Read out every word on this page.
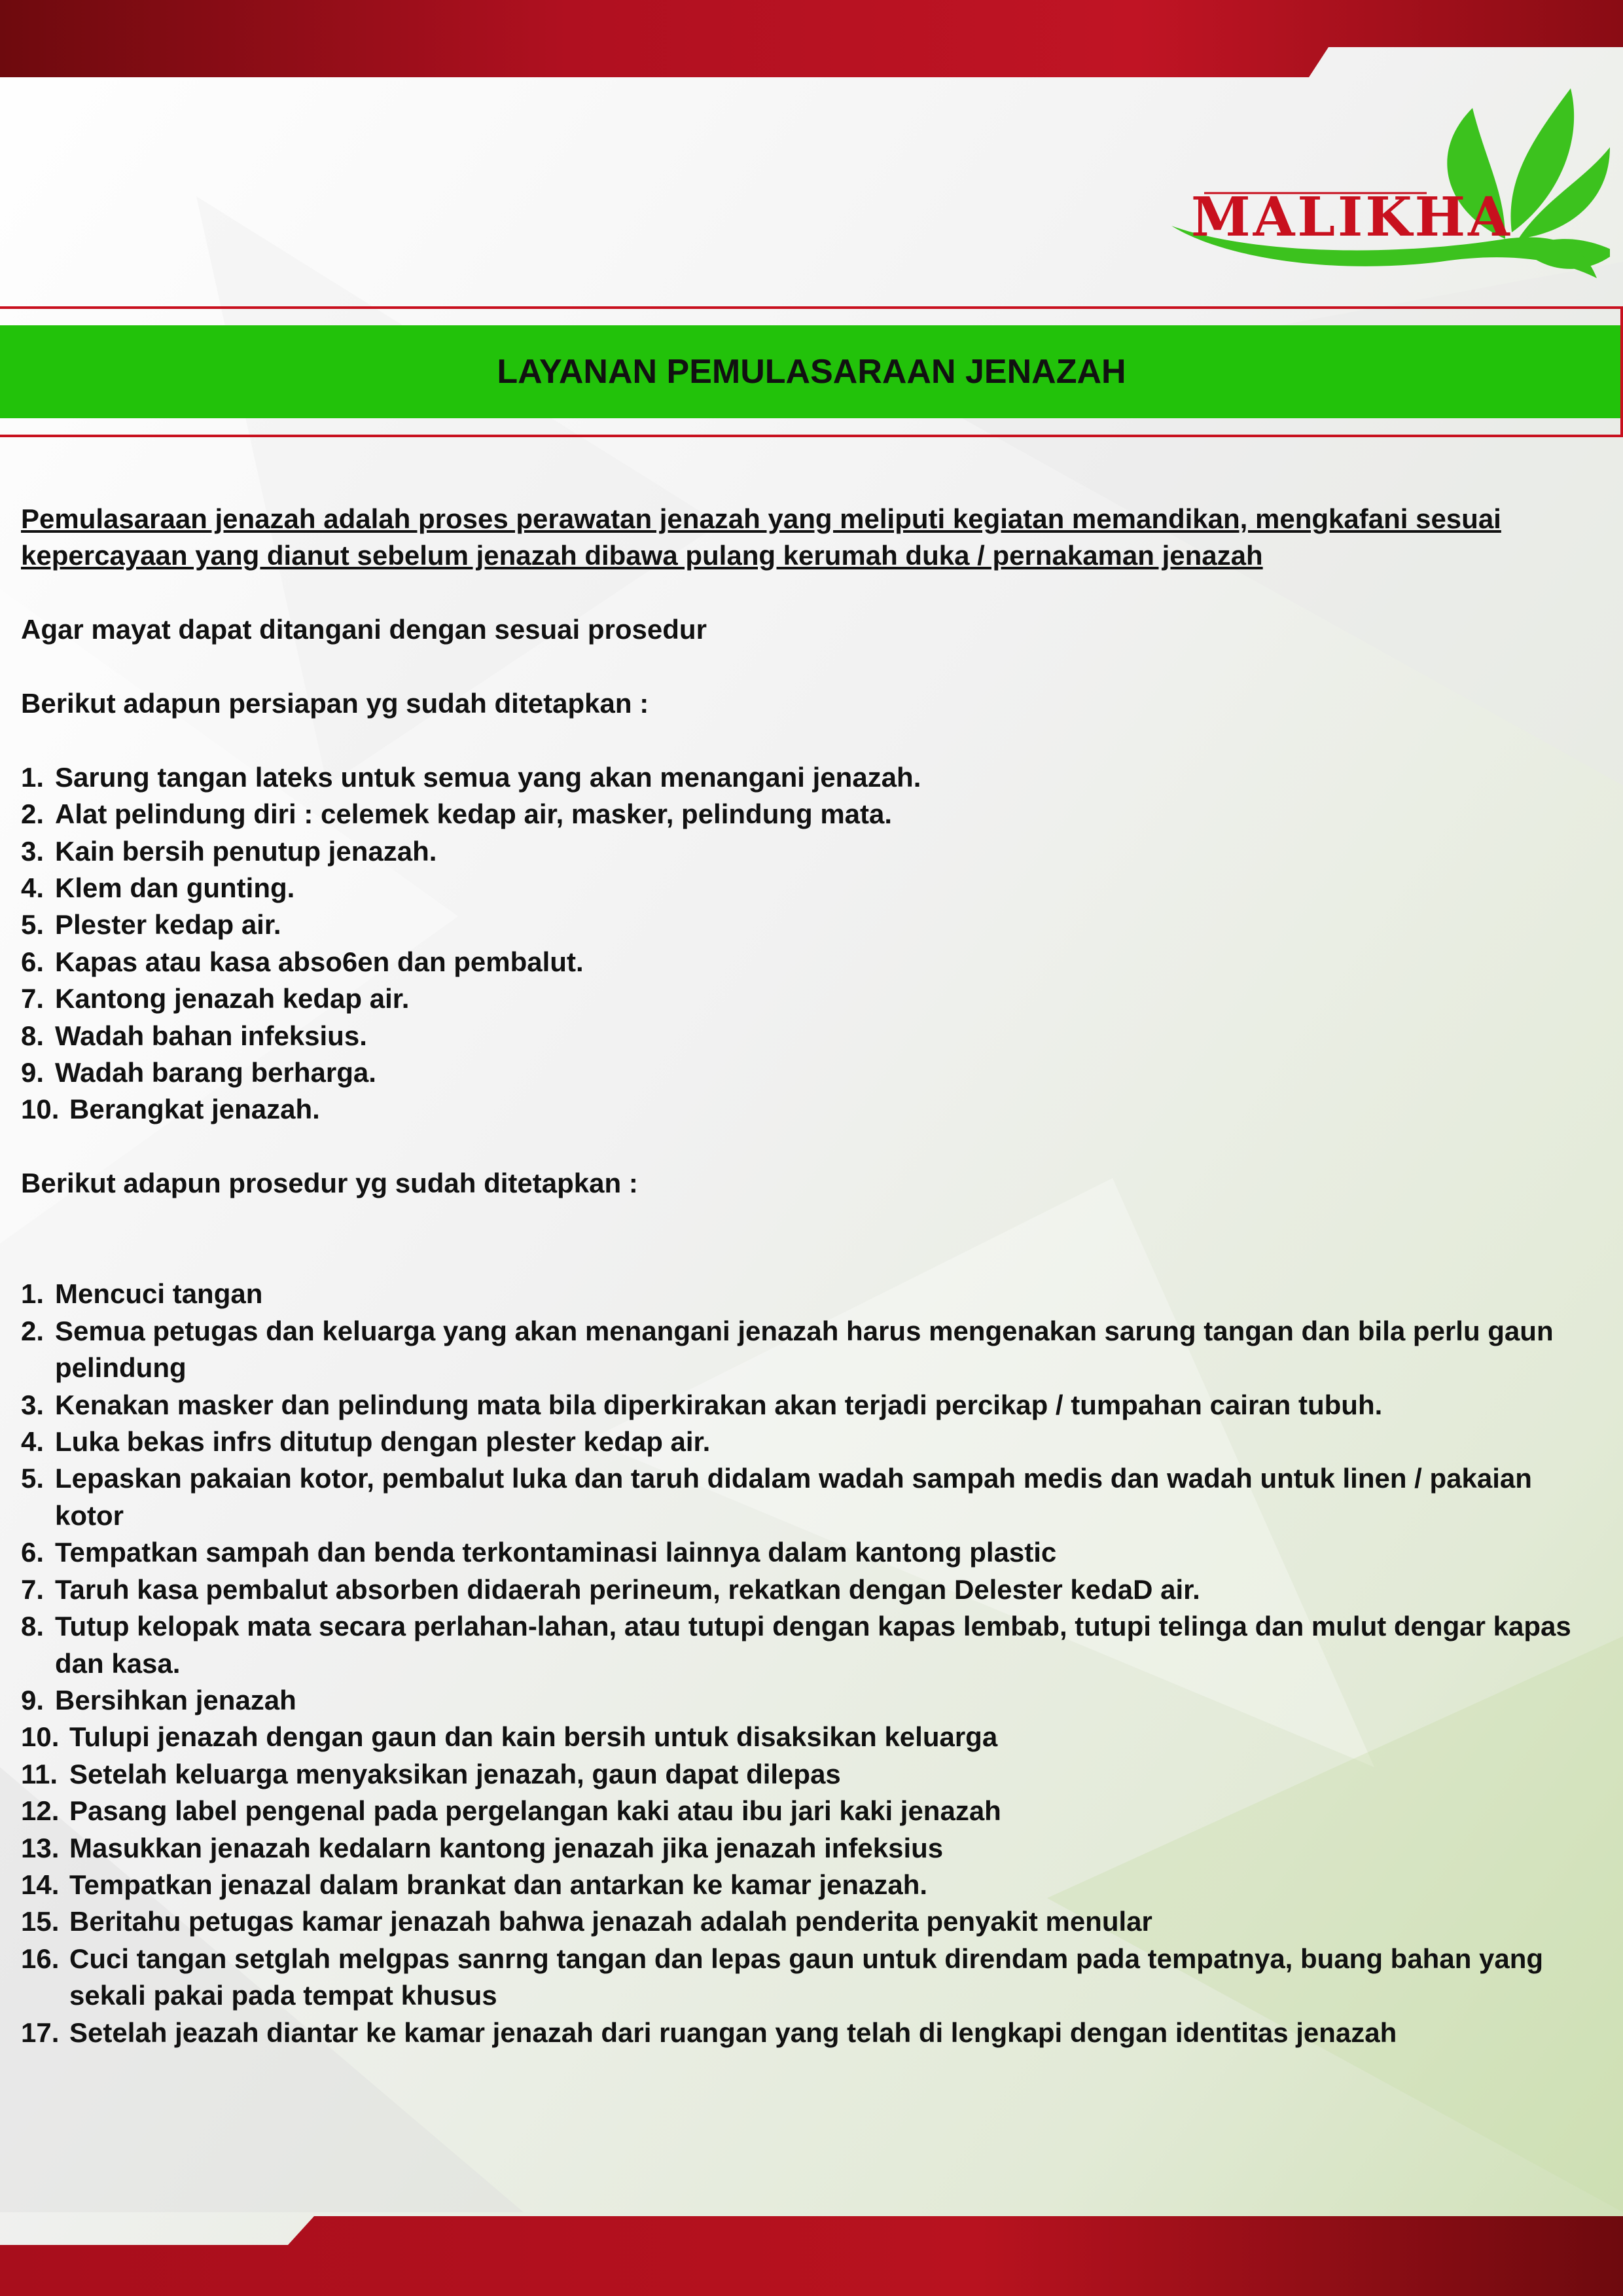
MALIKHA
LAYANAN PEMULASARAAN JENAZAH

Pemulasaraan jenazah adalah proses perawatan jenazah yang meliputi kegiatan memandikan, mengkafani sesuai kepercayaan yang dianut sebelum jenazah dibawa pulang kerumah duka / pernakaman jenazah

Agar mayat dapat ditangani dengan sesuai prosedur

Berikut adapun persiapan yg sudah ditetapkan :

1. Sarung tangan lateks untuk semua yang akan menangani jenazah.
2. Alat pelindung diri : celemek kedap air, masker, pelindung mata.
3. Kain bersih penutup jenazah.
4. Klem dan gunting.
5. Plester kedap air.
6. Kapas atau kasa abso6en dan pembalut.
7. Kantong jenazah kedap air.
8. Wadah bahan infeksius.
9. Wadah barang berharga.
10. Berangkat jenazah.

Berikut adapun prosedur yg sudah ditetapkan :

1. Mencuci tangan
2. Semua petugas dan keluarga yang akan menangani jenazah harus mengenakan sarung tangan dan bila perlu gaun pelindung
3. Kenakan masker dan pelindung mata bila diperkirakan akan terjadi percikap / tumpahan cairan tubuh.
4. Luka bekas infrs ditutup dengan plester kedap air.
5. Lepaskan pakaian kotor, pembalut luka dan taruh didalam wadah sampah medis dan wadah untuk linen / pakaian kotor
6. Tempatkan sampah dan benda terkontaminasi lainnya dalam kantong plastic
7. Taruh kasa pembalut absorben didaerah perineum, rekatkan dengan Delester kedaD air.
8. Tutup kelopak mata secara perlahan-lahan, atau tutupi dengan kapas lembab, tutupi telinga dan mulut dengar kapas dan kasa.
9. Bersihkan jenazah
10. Tulupi jenazah dengan gaun dan kain bersih untuk disaksikan keluarga
11. Setelah keluarga menyaksikan jenazah, gaun dapat dilepas
12. Pasang label pengenal pada pergelangan kaki atau ibu jari kaki jenazah
13. Masukkan jenazah kedalarn kantong jenazah jika jenazah infeksius
14. Tempatkan jenazal dalam brankat dan antarkan ke kamar jenazah.
15. Beritahu petugas kamar jenazah bahwa jenazah adalah penderita penyakit menular
16. Cuci tangan setglah melgpas sanrng tangan dan lepas gaun untuk direndam pada tempatnya, buang bahan yang sekali pakai pada tempat khusus
17. Setelah jeazah diantar ke kamar jenazah dari ruangan yang telah di lengkapi dengan identitas jenazah
